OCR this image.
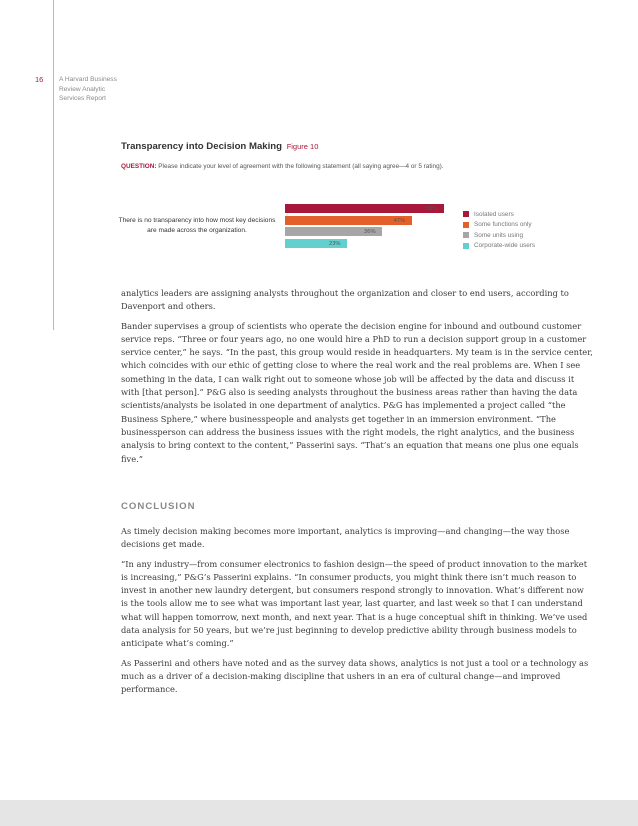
16 A Harvard Business Review Analytic Services Report
Transparency into Decision Making Figure 10
QUESTION: Please indicate your level of agreement with the following statement (all saying agree—4 or 5 rating).
There is no transparency into how most key decisions are made across the organization.
59%
47%
36%
23%
Isolated users
Some functions only
Some units using
Corporate-wide users

analytics leaders are assigning analysts throughout the organization and closer to end users, according to Davenport and others.

Bander supervises a group of scientists who operate the decision engine for inbound and outbound customer service reps. “Three or four years ago, no one would hire a PhD to run a decision support group in a customer service center,” he says. “In the past, this group would reside in headquarters. My team is in the service center, which coincides with our ethic of getting close to where the real work and the real problems are. When I see something in the data, I can walk right out to someone whose job will be affected by the data and discuss it with [that person].” P&G also is seeding analysts throughout the business areas rather than having the data scientists/analysts be isolated in one department of analytics. P&G has implemented a project called “the Business Sphere,” where businesspeople and analysts get together in an immersion environment. “The businessperson can address the business issues with the right models, the right analytics, and the business analysis to bring context to the content,” Passerini says. “That’s an equation that means one plus one equals five.”

CONCLUSION

As timely decision making becomes more important, analytics is improving—and changing—the way those decisions get made.

“In any industry—from consumer electronics to fashion design—the speed of product innovation to the market is increasing,” P&G’s Passerini explains. “In consumer products, you might think there isn’t much reason to invest in another new laundry detergent, but consumers respond strongly to innovation. What’s different now is the tools allow me to see what was important last year, last quarter, and last week so that I can understand what will happen tomorrow, next month, and next year. That is a huge conceptual shift in thinking. We’ve used data analysis for 50 years, but we’re just beginning to develop predictive ability through business models to anticipate what’s coming.”

As Passerini and others have noted and as the survey data shows, analytics is not just a tool or a technology as much as a driver of a decision-making discipline that ushers in an era of cultural change—and improved performance.
